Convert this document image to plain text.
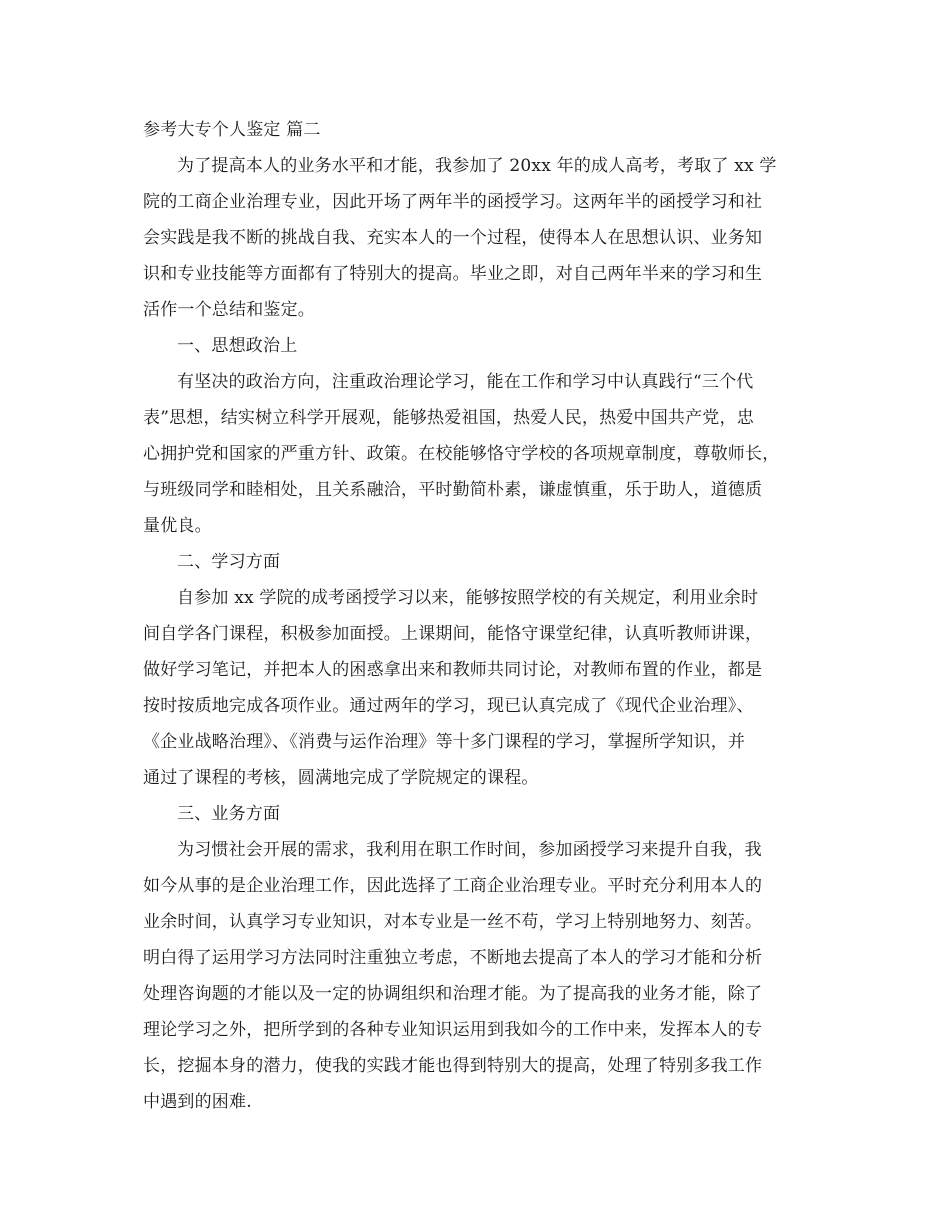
参考大专个人鉴定 篇二

为了提高本人的业务水平和才能，我参加了 20xx 年的成人高考，考取了 xx 学
院的工商企业治理专业，因此开场了两年半的函授学习。这两年半的函授学习和社
会实践是我不断的挑战自我、充实本人的一个过程，使得本人在思想认识、业务知
识和专业技能等方面都有了特别大的提高。毕业之即，对自己两年半来的学习和生
活作一个总结和鉴定。
一、思想政治上
有坚决的政治方向，注重政治理论学习，能在工作和学习中认真践行“三个代
表”思想，结实树立科学开展观，能够热爱祖国，热爱人民，热爱中国共产党，忠
心拥护党和国家的严重方针、政策。在校能够恪守学校的各项规章制度，尊敬师长，
与班级同学和睦相处，且关系融洽，平时勤简朴素，谦虚慎重，乐于助人，道德质
量优良。
二、学习方面
自参加 xx 学院的成考函授学习以来，能够按照学校的有关规定，利用业余时
间自学各门课程，积极参加面授。上课期间，能恪守课堂纪律，认真听教师讲课，
做好学习笔记，并把本人的困惑拿出来和教师共同讨论，对教师布置的作业，都是
按时按质地完成各项作业。通过两年的学习，现已认真完成了《现代企业治理》、
《企业战略治理》、《消费与运作治理》等十多门课程的学习，掌握所学知识，并
通过了课程的考核，圆满地完成了学院规定的课程。
三、业务方面
为习惯社会开展的需求，我利用在职工作时间，参加函授学习来提升自我，我
如今从事的是企业治理工作，因此选择了工商企业治理专业。平时充分利用本人的
业余时间，认真学习专业知识，对本专业是一丝不苟，学习上特别地努力、刻苦。
明白得了运用学习方法同时注重独立考虑，不断地去提高了本人的学习才能和分析
处理咨询题的才能以及一定的协调组织和治理才能。为了提高我的业务才能，除了
理论学习之外，把所学到的各种专业知识运用到我如今的工作中来，发挥本人的专
长，挖掘本身的潜力，使我的实践才能也得到特别大的提高，处理了特别多我工作
中遇到的困难.
